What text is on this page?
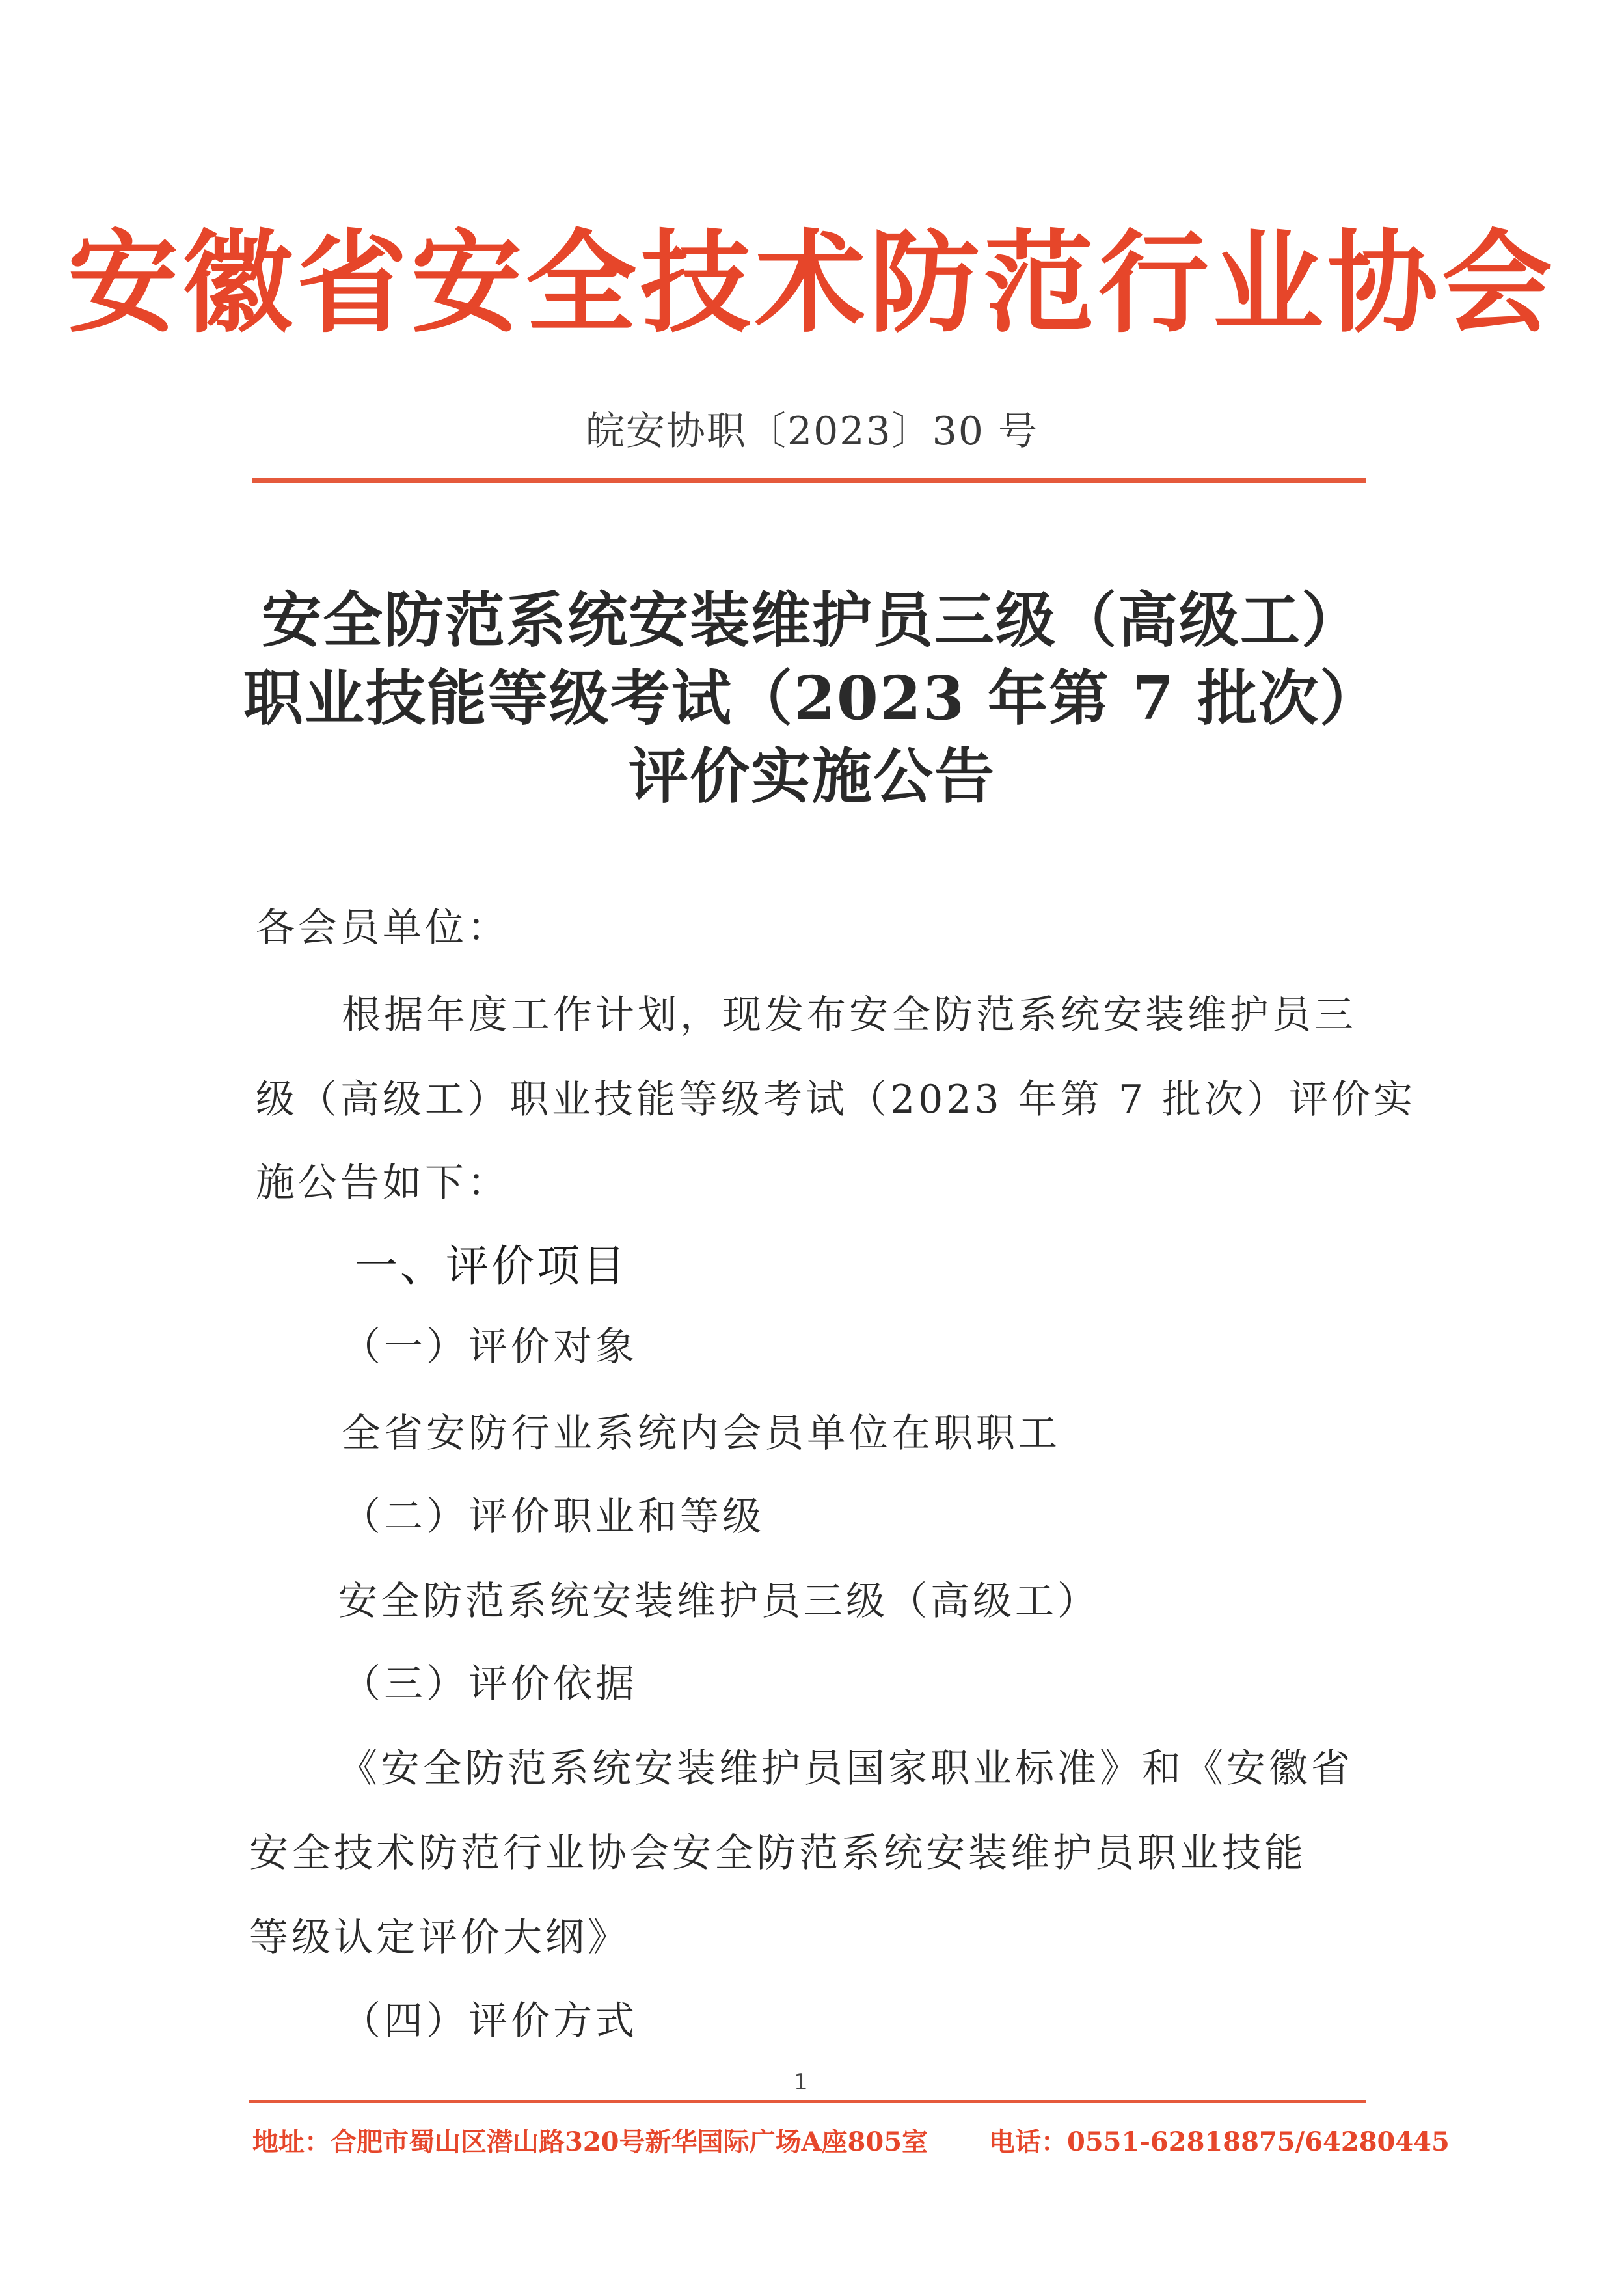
安徽省安全技术防范行业协会
皖安协职〔2023〕30 号
安全防范系统安装维护员三级（高级工）
职业技能等级考试（2023 年第 7 批次）
评价实施公告
各会员单位：
根据年度工作计划，现发布安全防范系统安装维护员三
级（高级工）职业技能等级考试（2023 年第 7 批次）评价实
施公告如下：
一、评价项目
（一）评价对象
全省安防行业系统内会员单位在职职工
（二）评价职业和等级
安全防范系统安装维护员三级（高级工）
（三）评价依据
《安全防范系统安装维护员国家职业标准》和《安徽省
安全技术防范行业协会安全防范系统安装维护员职业技能
等级认定评价大纲》
（四）评价方式
1
地址：合肥市蜀山区潜山路320号新华国际广场A座805室 电话：0551-62818875/64280445
